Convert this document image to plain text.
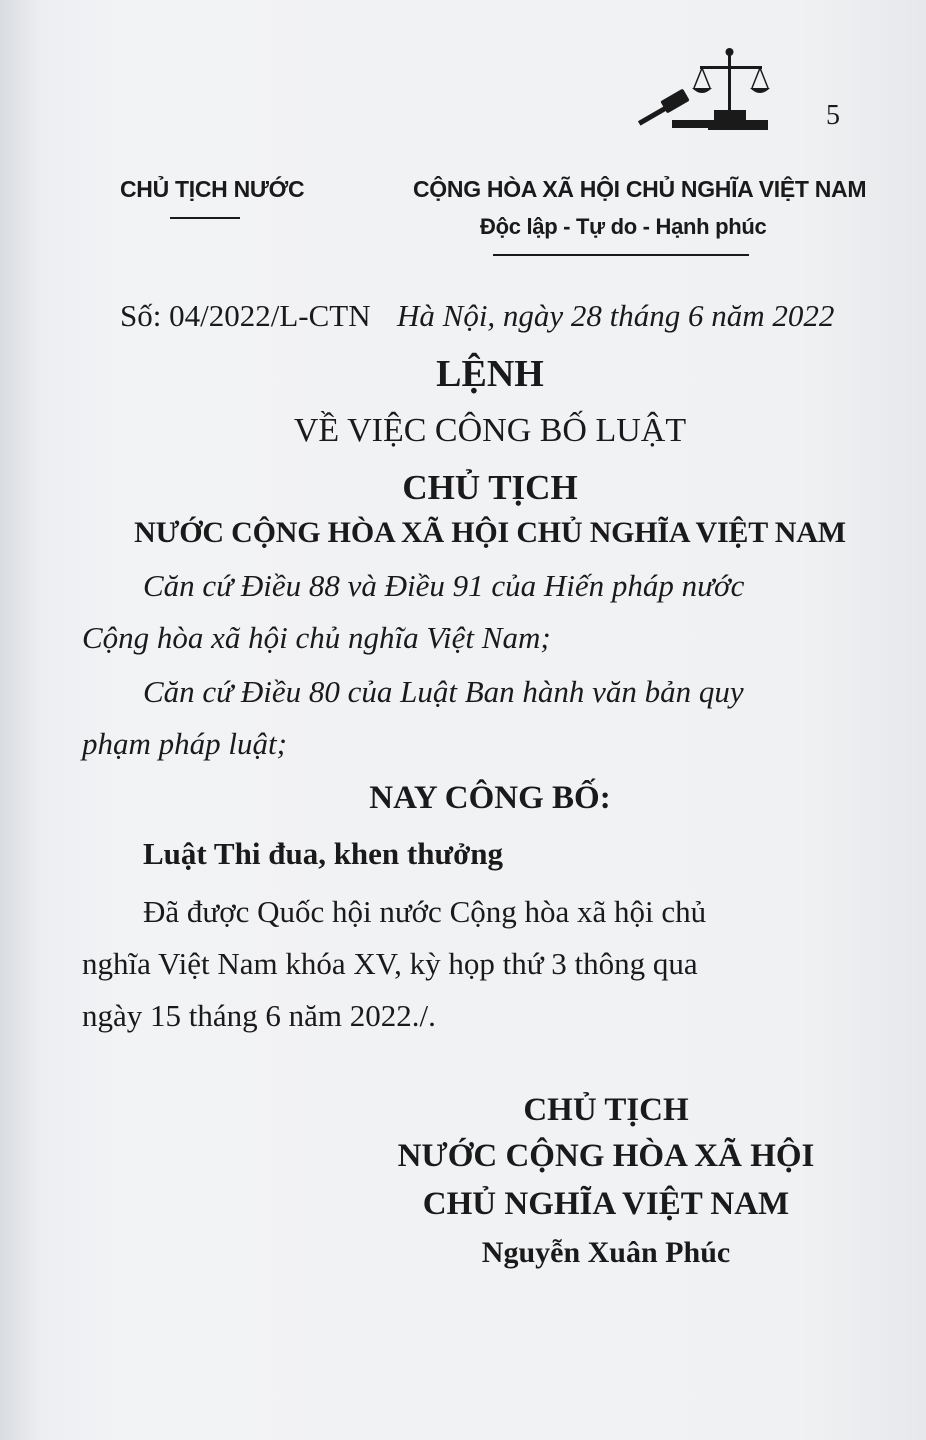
5
CHỦ TỊCH NƯỚC	CỘNG HÒA XÃ HỘI CHỦ NGHĨA VIỆT NAM
Độc lập - Tự do - Hạnh phúc
Số: 04/2022/L-CTN Hà Nội, ngày 28 tháng 6 năm 2022
LỆNH
VỀ VIỆC CÔNG BỐ LUẬT
CHỦ TỊCH
NƯỚC CỘNG HÒA XÃ HỘI CHỦ NGHĨA VIỆT NAM
Căn cứ Điều 88 và Điều 91 của Hiến pháp nước
Cộng hòa xã hội chủ nghĩa Việt Nam;
Căn cứ Điều 80 của Luật Ban hành văn bản quy
phạm pháp luật;
NAY CÔNG BỐ:
Luật Thi đua, khen thưởng
Đã được Quốc hội nước Cộng hòa xã hội chủ
nghĩa Việt Nam khóa XV, kỳ họp thứ 3 thông qua
ngày 15 tháng 6 năm 2022./.
CHỦ TỊCH
NƯỚC CỘNG HÒA XÃ HỘI
CHỦ NGHĨA VIỆT NAM
Nguyễn Xuân Phúc
